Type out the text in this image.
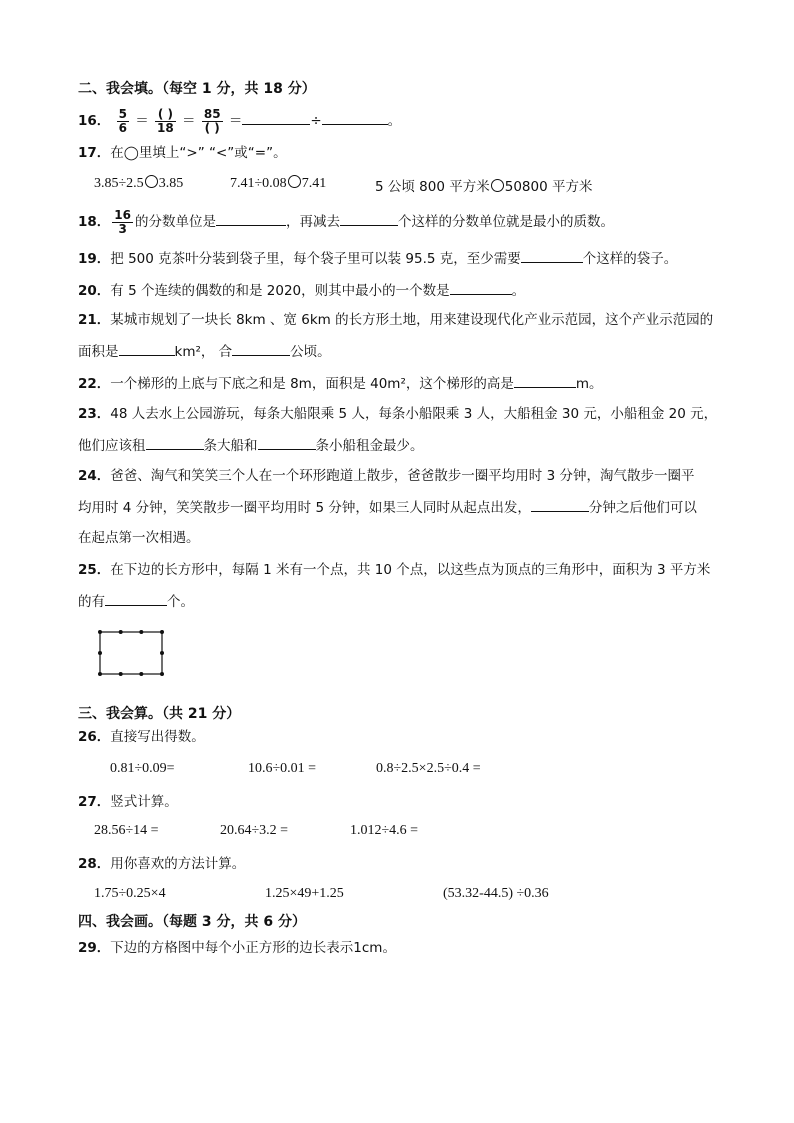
二、我会填。（每空 1 分，共 18 分）
16． $\frac{5}{6} = \frac{( )}{18} = \frac{85}{( )}$ ＝	÷	。
17．在◯里填上“>” “<”或“=”。
3.85÷2.5 3.85	7.41÷0.08 7.41	5 公顷 800 平方米 50800 平方米
18． $\frac{16}{3}$ 的分数单位是	，再减去	个这样的分数单位就是最小的质数。
19．把 500 克茶叶分装到袋子里，每个袋子里可以装 95.5 克，至少需要	个这样的袋子。
20．有 5 个连续的偶数的和是 2020，则其中最小的一个数是	。
21．某城市规划了一块长 8km 、宽 6km 的长方形土地，用来建设现代化产业示范园，这个产业示范园的
面积是	km²， 合	公顷。
22．一个梯形的上底与下底之和是 8m，面积是 40m²，这个梯形的高是	m。
23．48 人去水上公园游玩，每条大船限乘 5 人，每条小船限乘 3 人，大船租金 30 元，小船租金 20 元，
他们应该租	条大船和	条小船租金最少。
24．爸爸、淘气和笑笑三个人在一个环形跑道上散步，爸爸散步一圈平均用时 3 分钟，淘气散步一圈平
均用时 4 分钟，笑笑散步一圈平均用时 5 分钟，如果三人同时从起点出发，	分钟之后他们可以
在起点第一次相遇。
25．在下边的长方形中，每隔 1 米有一个点，共 10 个点，以这些点为顶点的三角形中，面积为 3 平方米
的有	个。
三、我会算。（共 21 分）
26．直接写出得数。
0.81÷0.09=	10.6÷0.01 =	0.8÷2.5×2.5÷0.4 =
27．竖式计算。
28.56÷14 =	20.64÷3.2 =	1.012÷4.6 =
28．用你喜欢的方法计算。
1.75÷0.25×4	1.25×49+1.25	(53.32-44.5) ÷0.36
四、我会画。（每题 3 分，共 6 分）
29．下边的方格图中每个小正方形的边长表示1cm。
